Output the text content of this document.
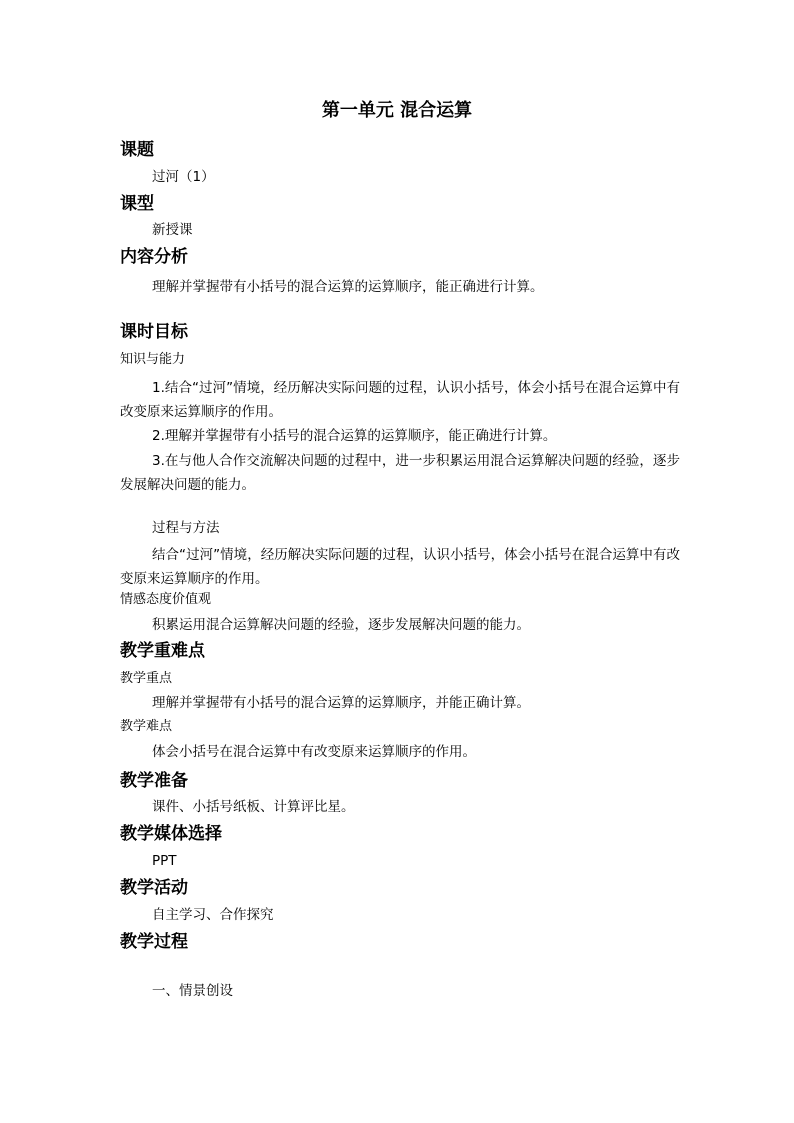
第一单元 混合运算
课题
过河（1）
课型
新授课
内容分析
理解并掌握带有小括号的混合运算的运算顺序，能正确进行计算。
课时目标
知识与能力
1.结合“过河”情境，经历解决实际问题的过程，认识小括号，体会小括号在混合运算中有改变原来运算顺序的作用。
2.理解并掌握带有小括号的混合运算的运算顺序，能正确进行计算。
3.在与他人合作交流解决问题的过程中，进一步积累运用混合运算解决问题的经验，逐步发展解决问题的能力。
过程与方法
结合“过河”情境，经历解决实际问题的过程，认识小括号，体会小括号在混合运算中有改变原来运算顺序的作用。
情感态度价值观
积累运用混合运算解决问题的经验，逐步发展解决问题的能力。
教学重难点
教学重点
理解并掌握带有小括号的混合运算的运算顺序，并能正确计算。
教学难点
体会小括号在混合运算中有改变原来运算顺序的作用。
教学准备
课件、小括号纸板、计算评比星。
教学媒体选择
PPT
教学活动
自主学习、合作探究
教学过程
一、情景创设
